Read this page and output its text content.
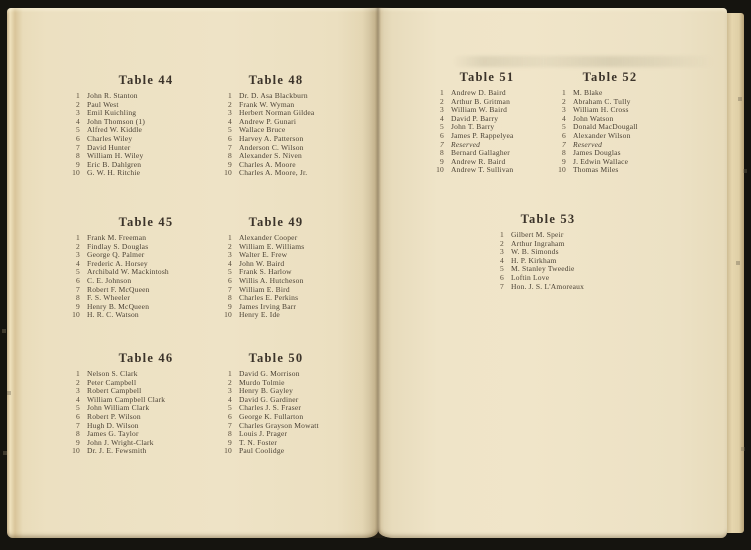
Table 44
1 John R. Stanton
2 Paul West
3 Emil Kuichling
4 John Thomson (1)
5 Alfred W. Kiddle
6 Charles Wiley
7 David Hunter
8 William H. Wiley
9 Eric B. Dahlgren
10 G. W. H. Ritchie
Table 48
1 Dr. D. Asa Blackburn
2 Frank W. Wyman
3 Herbert Norman Gildea
4 Andrew P. Gunari
5 Wallace Bruce
6 Harvey A. Patterson
7 Anderson C. Wilson
8 Alexander S. Niven
9 Charles A. Moore
10 Charles A. Moore, Jr.
Table 45
1 Frank M. Freeman
2 Findlay S. Douglas
3 George Q. Palmer
4 Frederic A. Horsey
5 Archibald W. Mackintosh
6 C. E. Johnson
7 Robert F. McQueen
8 F. S. Wheeler
9 Henry B. McQueen
10 H. R. C. Watson
Table 49
1 Alexander Cooper
2 William E. Williams
3 Walter E. Frew
4 John W. Baird
5 Frank S. Harlow
6 Willis A. Hutcheson
7 William E. Bird
8 Charles E. Perkins
9 James Irving Barr
10 Henry E. Ide
Table 46
1 Nelson S. Clark
2 Peter Campbell
3 Robert Campbell
4 William Campbell Clark
5 John William Clark
6 Robert P. Wilson
7 Hugh D. Wilson
8 James G. Taylor
9 John J. Wright-Clark
10 Dr. J. E. Fewsmith
Table 50
1 David G. Morrison
2 Murdo Tolmie
3 Henry B. Gayley
4 David G. Gardiner
5 Charles J. S. Fraser
6 George K. Fullarton
7 Charles Grayson Mowatt
8 Louis J. Prager
9 T. N. Foster
10 Paul Coolidge
Table 51
1 Andrew D. Baird
2 Arthur B. Gritman
3 William W. Baird
4 David P. Barry
5 John T. Barry
6 James P. Rappelyea
7 Reserved
8 Bernard Gallagher
9 Andrew R. Baird
10 Andrew T. Sullivan
Table 52
1 M. Blake
2 Abraham C. Tully
3 William H. Cross
4 John Watson
5 Donald MacDougall
6 Alexander Wilson
7 Reserved
8 James Douglas
9 J. Edwin Wallace
10 Thomas Miles
Table 53
1 Gilbert M. Speir
2 Arthur Ingraham
3 W. B. Simonds
4 H. P. Kirkham
5 M. Stanley Tweedie
6 Loftin Love
7 Hon. J. S. L'Amoreaux
